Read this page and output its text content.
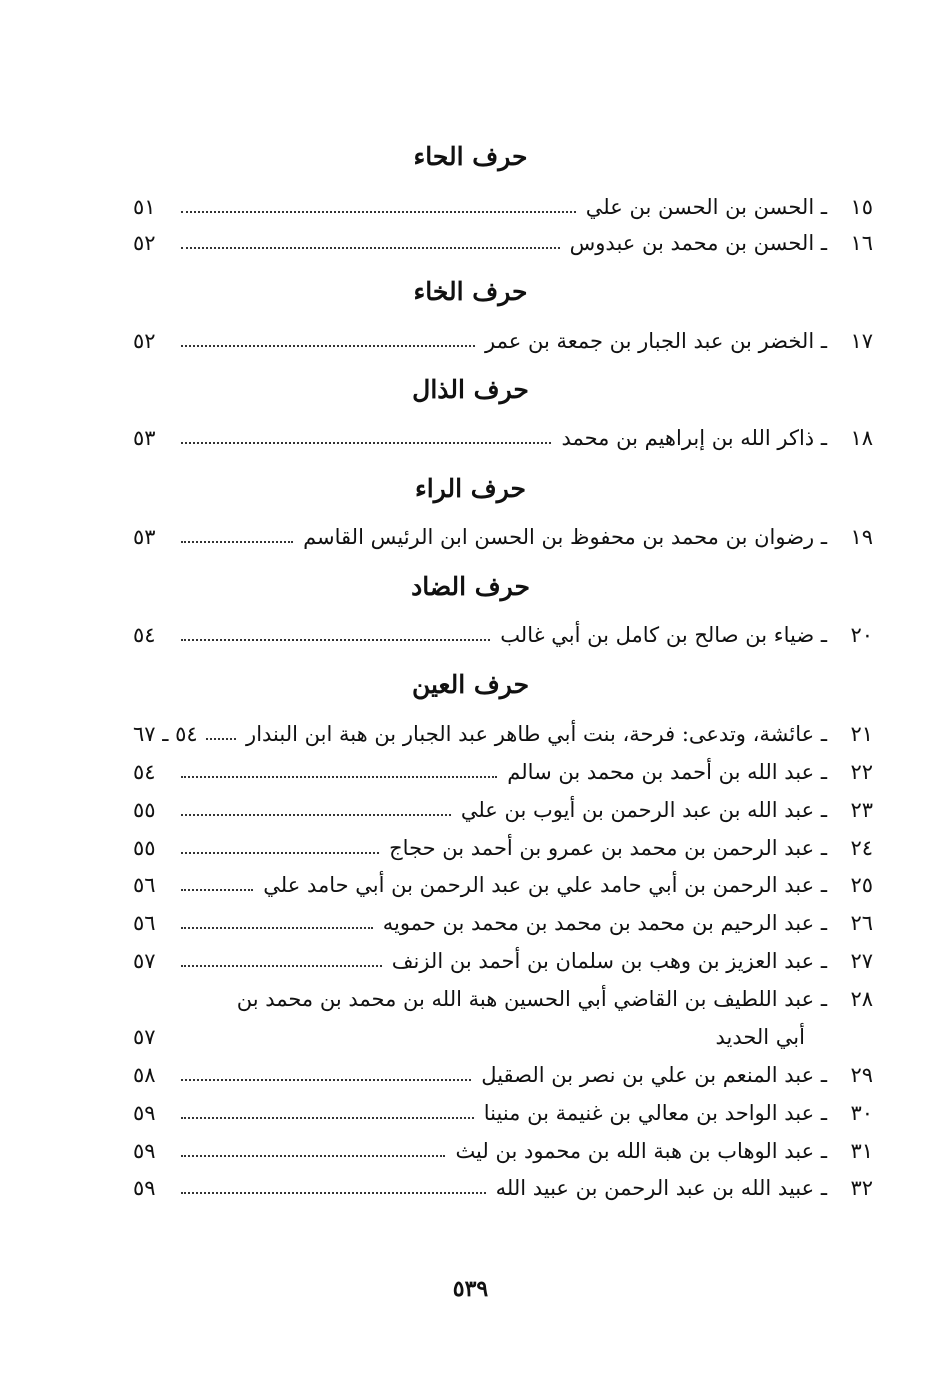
حرف الحاء
١٥
ـ الحسن بن الحسن بن علي
٥١
١٦
ـ الحسن بن محمد بن عبدوس
٥٢
حرف الخاء
١٧
ـ الخضر بن عبد الجبار بن جمعة بن عمر
٥٢
حرف الذال
١٨
ـ ذاكر الله بن إبراهيم بن محمد
٥٣
حرف الراء
١٩
ـ رضوان بن محمد بن محفوظ بن الحسن ابن الرئيس القاسم
٥٣
حرف الضاد
٢٠
ـ ضياء بن صالح بن كامل بن أبي غالب
٥٤
حرف العين
٢١
ـ عائشة، وتدعى: فرحة، بنت أبي طاهر عبد الجبار بن هبة ابن البندار
٥٤ ـ ٦٧
٢٢
ـ عبد الله بن أحمد بن محمد بن سالم
٥٤
٢٣
ـ عبد الله بن عبد الرحمن بن أيوب بن علي
٥٥
٢٤
ـ عبد الرحمن بن محمد بن عمرو بن أحمد بن حجاج
٥٥
٢٥
ـ عبد الرحمن بن أبي حامد علي بن عبد الرحمن بن أبي حامد علي
٥٦
٢٦
ـ عبد الرحيم بن محمد بن محمد بن محمد بن حمويه
٥٦
٢٧
ـ عبد العزيز بن وهب بن سلمان بن أحمد بن الزنف
٥٧
٢٨
ـ عبد اللطيف بن القاضي أبي الحسين هبة الله بن محمد بن محمد بن
أبي الحديد
٥٧
٢٩
ـ عبد المنعم بن علي بن نصر بن الصقيل
٥٨
٣٠
ـ عبد الواحد بن معالي بن غنيمة بن منينا
٥٩
٣١
ـ عبد الوهاب بن هبة الله بن محمود بن ليث
٥٩
٣٢
ـ عبيد الله بن عبد الرحمن بن عبيد الله
٥٩
٥٣٩
